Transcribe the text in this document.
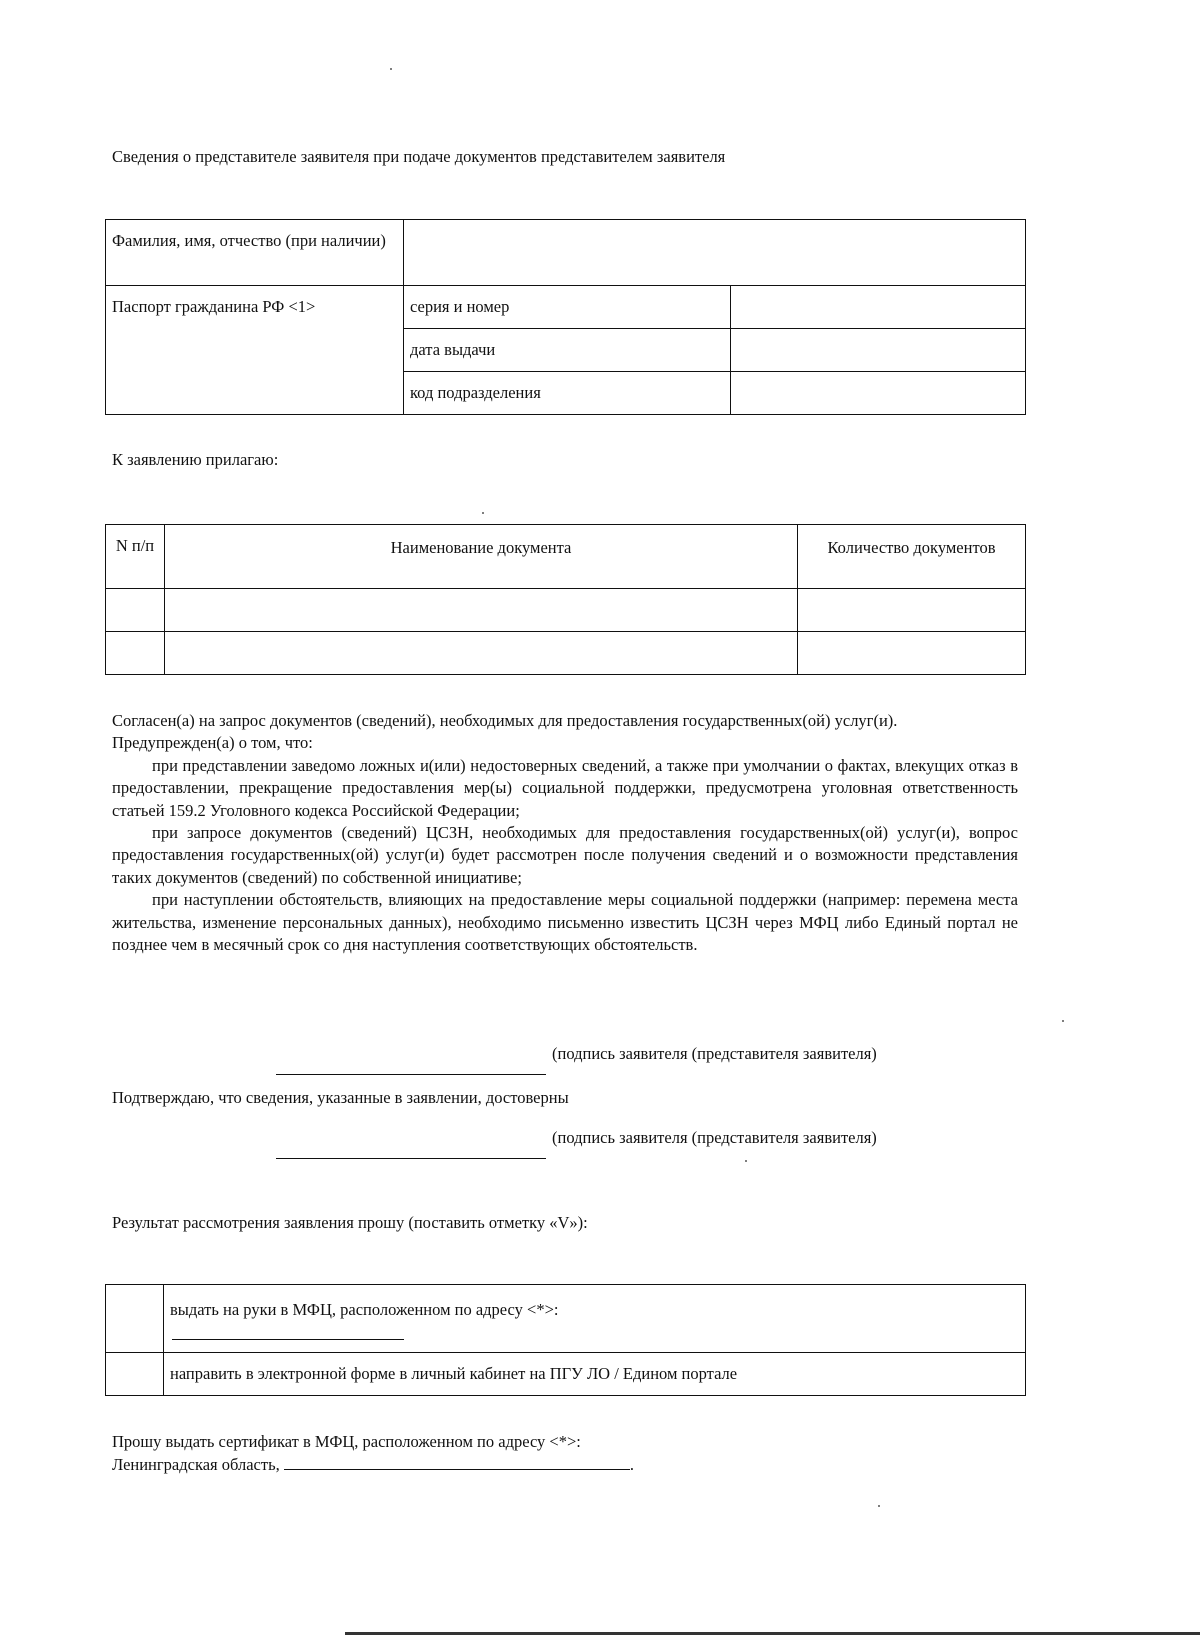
Сведения о представителе заявителя при подаче документов представителем заявителя

Фамилия, имя, отчество (при наличии)		
Паспорт гражданина РФ <1>	серия и номер	
	дата выдачи	
	код подразделения	

К заявлению прилагаю:

N п/п	Наименование документа	Количество документов

Согласен(а) на запрос документов (сведений), необходимых для предоставления государственных(ой) услуг(и).
Предупрежден(а) о том, что:
при представлении заведомо ложных и(или) недостоверных сведений, а также при умолчании о фактах, влекущих отказ в предоставлении, прекращение предоставления мер(ы) социальной поддержки, предусмотрена уголовная ответственность статьей 159.2 Уголовного кодекса Российской Федерации;
при запросе документов (сведений) ЦСЗН, необходимых для предоставления государственных(ой) услуг(и), вопрос предоставления государственных(ой) услуг(и) будет рассмотрен после получения сведений и о возможности представления таких документов (сведений) по собственной инициативе;
при наступлении обстоятельств, влияющих на предоставление меры социальной поддержки (например: перемена места жительства, изменение персональных данных), необходимо письменно известить ЦСЗН через МФЦ либо Единый портал не позднее чем в месячный срок со дня наступления соответствующих обстоятельств.
(подпись заявителя (представителя заявителя)

Подтверждаю, что сведения, указанные в заявлении, достоверны

(подпись заявителя (представителя заявителя)

Результат рассмотрения заявления прошу (поставить отметку «V»):

	выдать на руки в МФЦ, расположенном по адресу <*>:

	направить в электронной форме в личный кабинет на ПГУ ЛО / Едином портале

Прошу выдать сертификат в МФЦ, расположенном по адресу <*>:

Ленинградская область,	.
